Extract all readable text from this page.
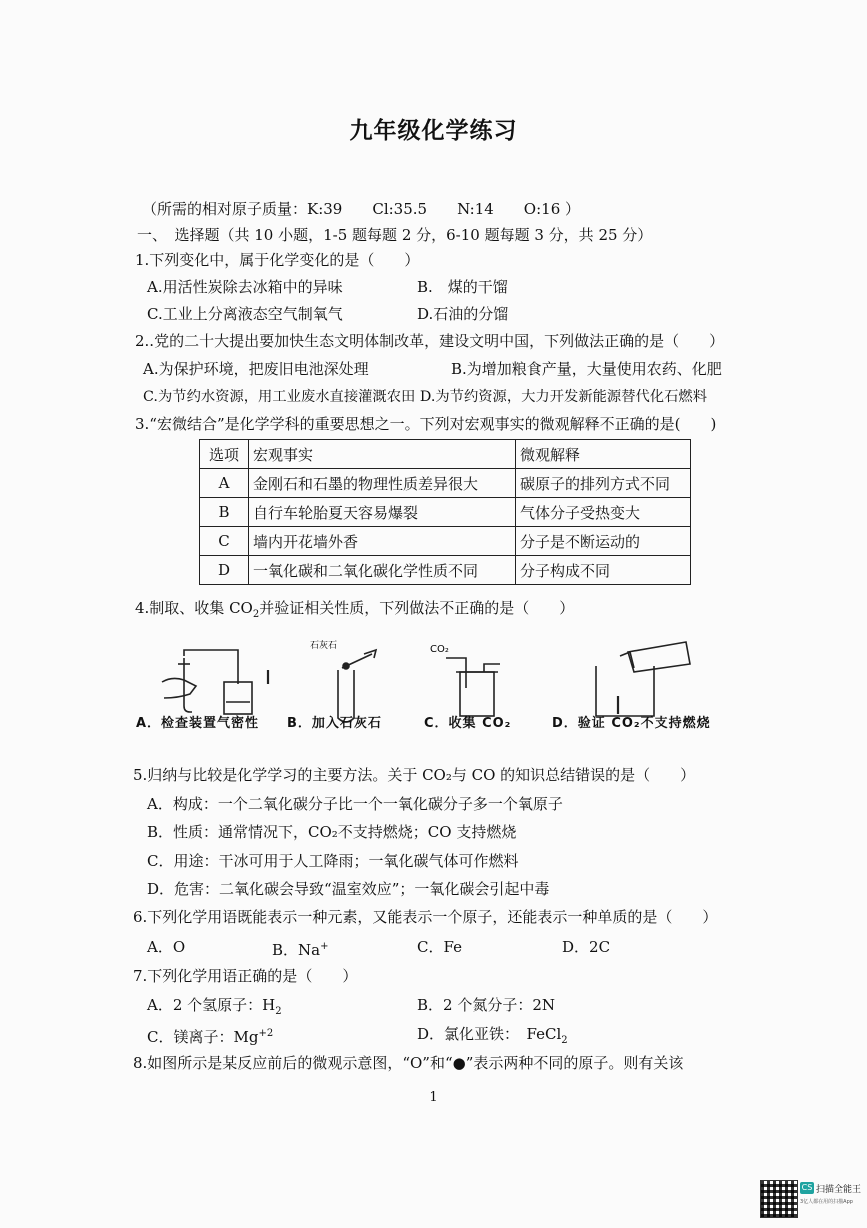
九年级化学练习
（所需的相对原子质量：K:39　　Cl:35.5　　N:14　　O:16 ）
一、　选择题（共 10 小题，1-5 题每题 2 分，6-10 题每题 3 分，共 25 分）
1.下列变化中，属于化学变化的是（　　）
A.用活性炭除去冰箱中的异味	B.　煤的干馏
C.工业上分离液态空气制氧气	D.石油的分馏
2..党的二十大提出要加快生态文明体制改革，建设文明中国，下列做法正确的是（　　）
A.为保护环境，把废旧电池深处理	B.为增加粮食产量，大量使用农药、化肥
C.为节约水资源，用工业废水直接灌溉农田 D.为节约资源，大力开发新能源替代化石燃料
3.“宏微结合”是化学学科的重要思想之一。下列对宏观事实的微观解释不正确的是(　　)
选项	宏观事实	微观解释
A	金刚石和石墨的物理性质差异很大	碳原子的排列方式不同
B	自行车轮胎夏天容易爆裂	气体分子受热变大
C	墙内开花墙外香	分子是不断运动的
D	一氧化碳和二氧化碳化学性质不同	分子构成不同
4.制取、收集 $CO_2$并验证相关性质，下列做法不正确的是（　　）
石灰石	CO₂
A．检查装置气密性 B．加入石灰石	C．收集 CO₂	D．验证 CO₂不支持燃烧
5.归纳与比较是化学学习的主要方法。关于 CO₂与 CO 的知识总结错误的是（　　）
A．构成：一个二氧化碳分子比一个一氧化碳分子多一个氧原子
B．性质：通常情况下，CO₂不支持燃烧；CO 支持燃烧
C．用途：干冰可用于人工降雨；一氧化碳气体可作燃料
D．危害：二氧化碳会导致“温室效应”；一氧化碳会引起中毒
6.下列化学用语既能表示一种元素，又能表示一个原子，还能表示一种单质的是（　　）
A．O	B．Na+	C．Fe	D．2C
7.下列化学用语正确的是（　　）
A．2 个氢原子：$H_2$	B．2 个氮分子：2N
C．镁离子：$Mg^{+2}$	D．氯化亚铁：　FeCl$_2$
8.如图所示是某反应前后的微观示意图，“O”和“●”表示两种不同的原子。则有关该
1
CS 扫描全能王
3亿人都在用的扫描App
